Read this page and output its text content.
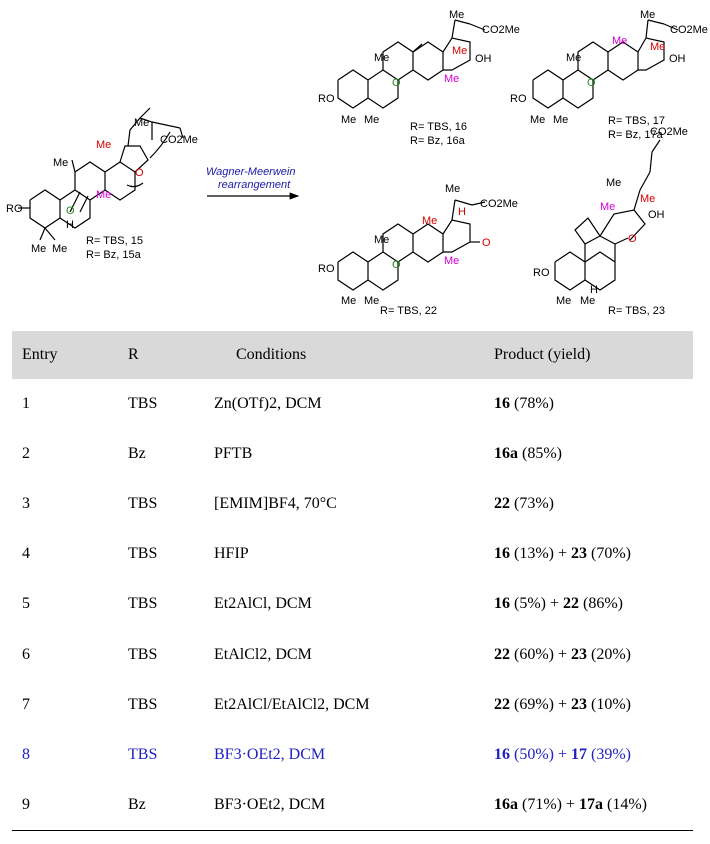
RO
Me
Me Me
O
H
Me
Me
CO2Me
O
Me
R= TBS, 15
R= Bz, 15a
Wagner-Meerwein
rearrangement
RO
Me
Me Me
Me
CO2Me
Me
OH
Me
O
R= TBS, 16
R= Bz, 16a
RO
Me
Me Me
Me
CO2Me
Me Me
OH
O
R= TBS, 17
R= Bz, 17a
RO
Me
Me Me
Me
CO2Me
Me
H
O
Me
O
R= TBS, 22
RO
Me Me
H
Me
CO2Me
Me
Me
OH
O
R= TBS, 23
Entry	R	Conditions	Product (yield)
1	TBS	Zn(OTf)2, DCM	16 (78%)
2	Bz	PFTB	16a (85%)
3	TBS	[EMIM]BF4, 70°C	22 (73%)
4	TBS	HFIP	16 (13%) + 23 (70%)
5	TBS	Et2AlCl, DCM	16 (5%) + 22 (86%)
6	TBS	EtAlCl2, DCM	22 (60%) + 23 (20%)
7	TBS	Et2AlCl/EtAlCl2, DCM	22 (69%) + 23 (10%)
8	TBS	BF3·OEt2, DCM	16 (50%) + 17 (39%)
9	Bz	BF3·OEt2, DCM	16a (71%) + 17a (14%)
